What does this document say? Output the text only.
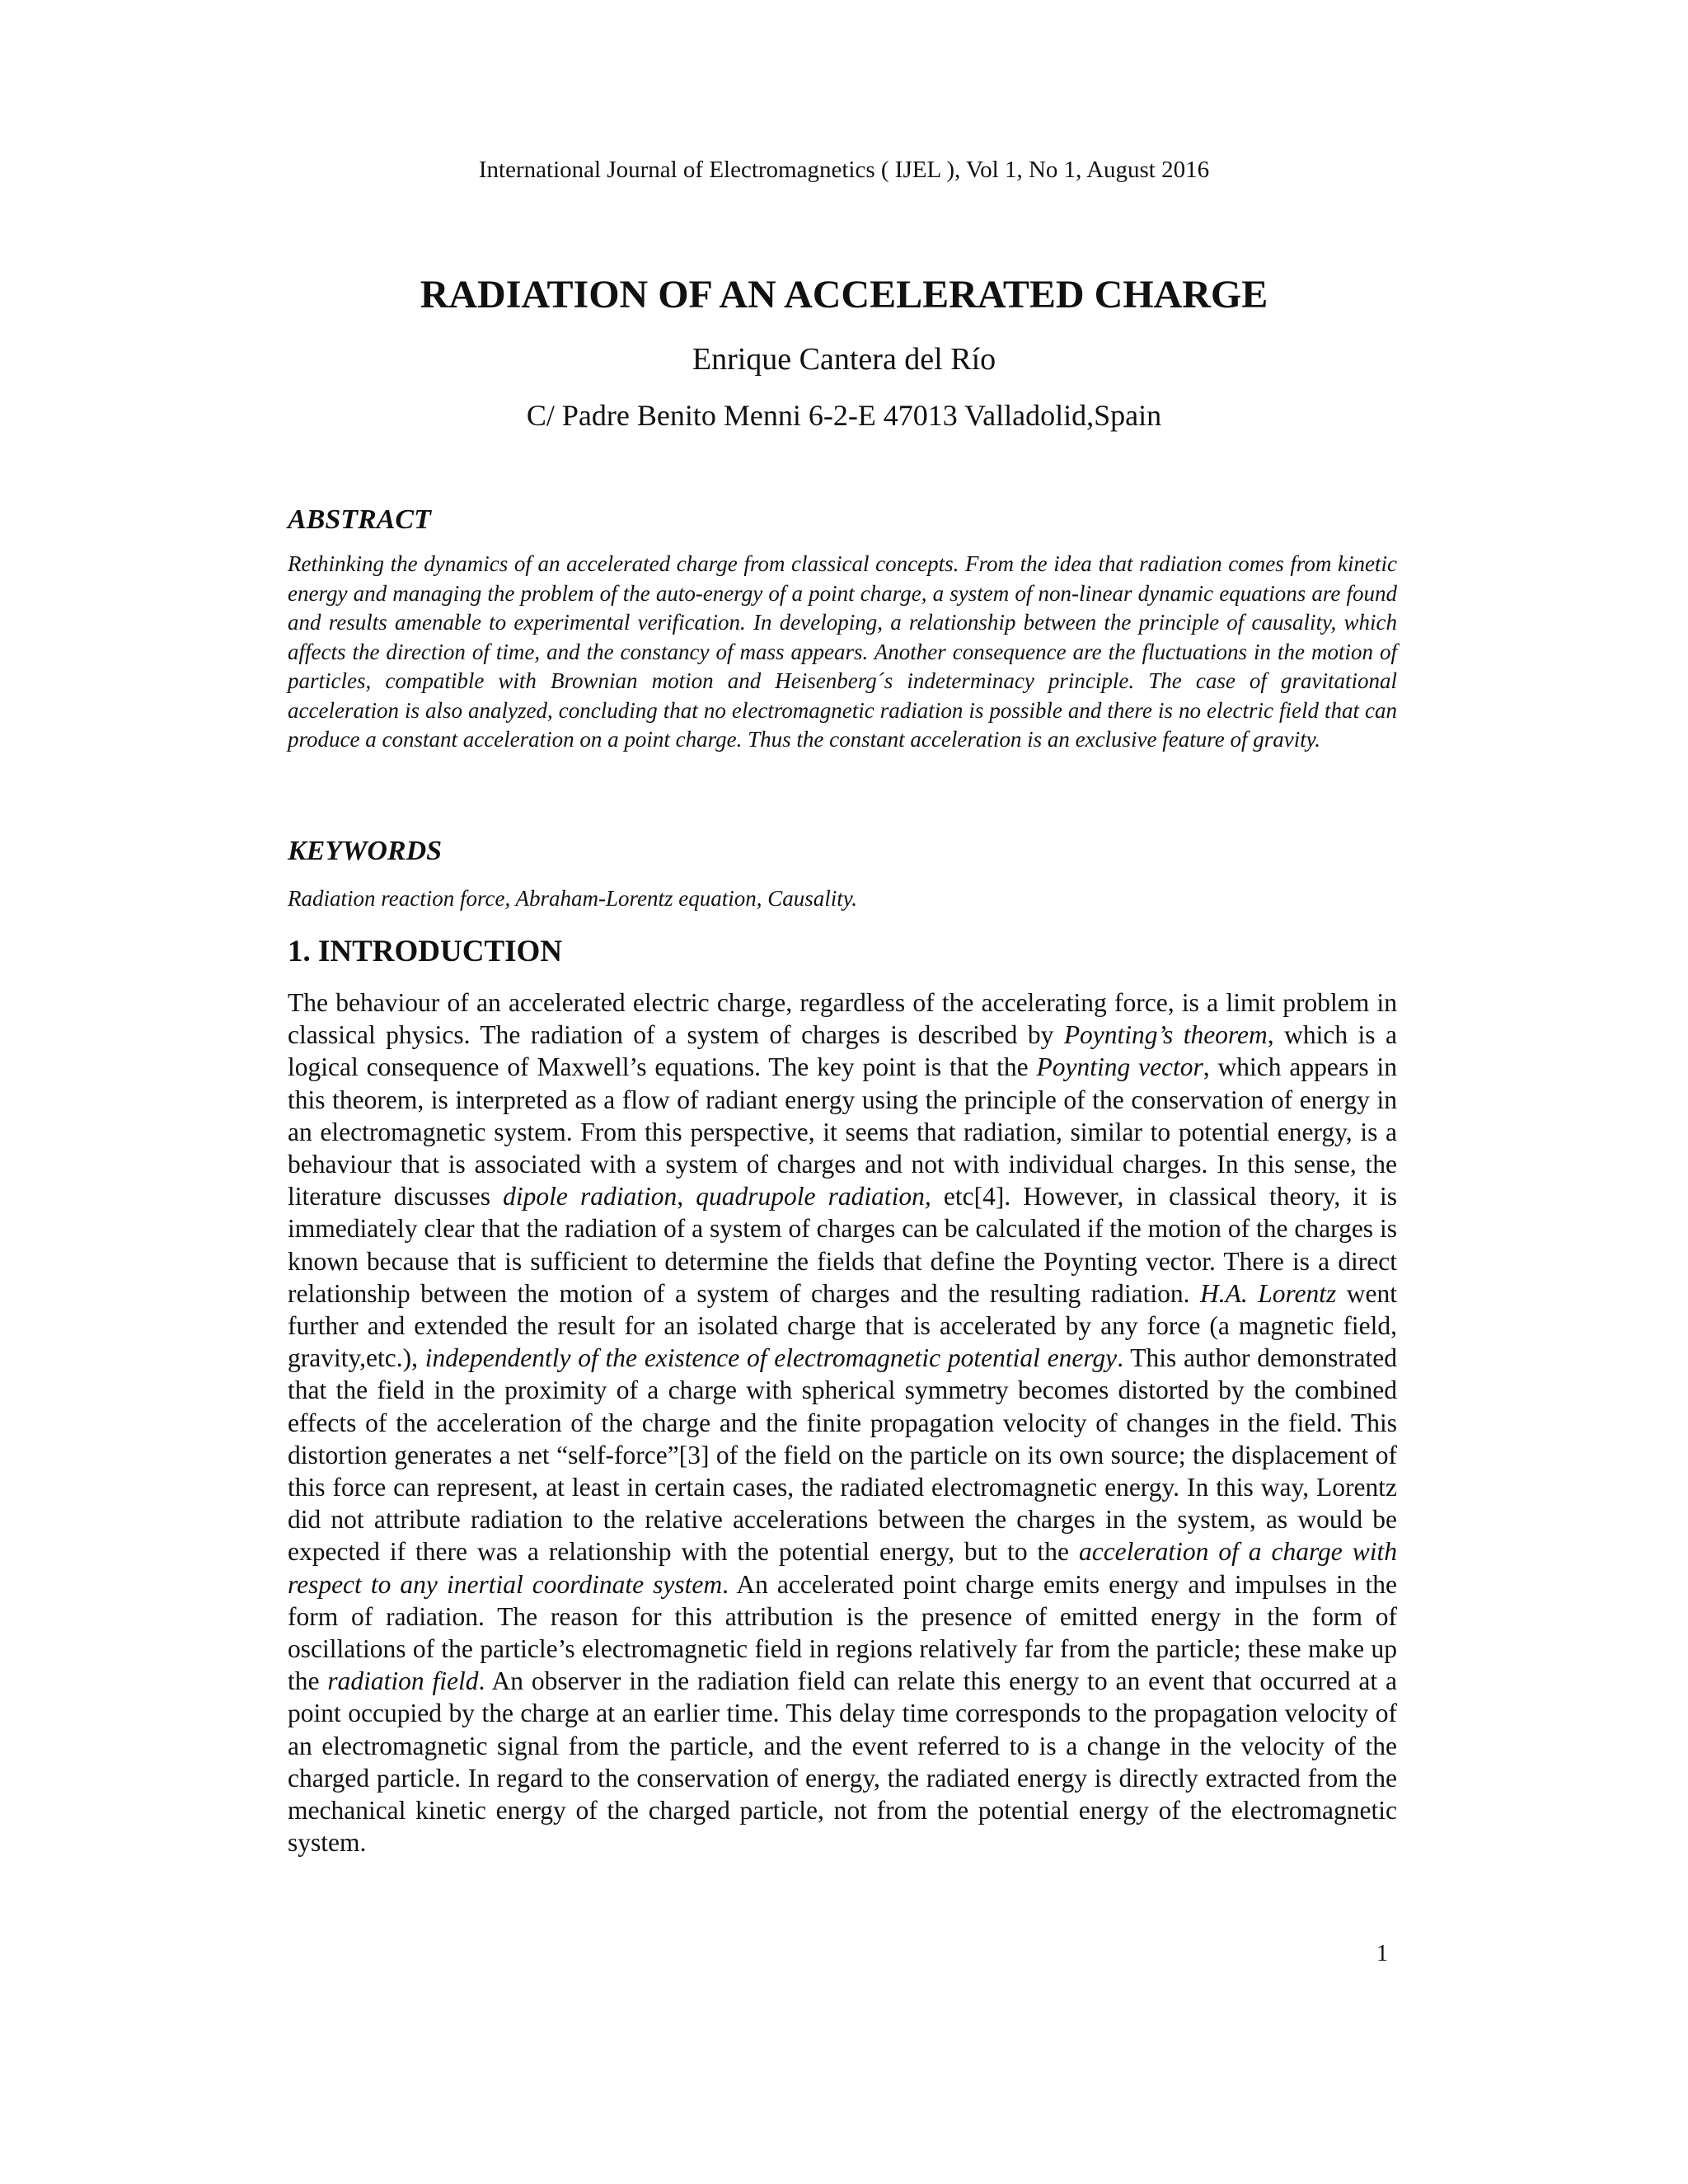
International Journal of Electromagnetics ( IJEL ), Vol 1, No 1, August 2016
RADIATION OF AN ACCELERATED CHARGE
Enrique Cantera del Río
C/ Padre Benito Menni 6-2-E 47013 Valladolid,Spain
ABSTRACT
Rethinking the dynamics of an accelerated charge from classical concepts. From the idea that radiation comes from kinetic energy and managing the problem of the auto-energy of a point charge, a system of non-linear dynamic equations are found and results amenable to experimental verification. In developing, a relationship between the principle of causality, which affects the direction of time, and the constancy of mass appears. Another consequence are the fluctuations in the motion of particles, compatible with Brownian motion and Heisenberg´s indeterminacy principle. The case of gravitational acceleration is also analyzed, concluding that no electromagnetic radiation is possible and there is no electric field that can produce a constant acceleration on a point charge. Thus the constant acceleration is an exclusive feature of gravity.
KEYWORDS
Radiation reaction force, Abraham-Lorentz equation, Causality.
1. INTRODUCTION
The behaviour of an accelerated electric charge, regardless of the accelerating force, is a limit problem in classical physics. The radiation of a system of charges is described by Poynting’s theorem, which is a logical consequence of Maxwell’s equations. The key point is that the Poynting vector, which appears in this theorem, is interpreted as a flow of radiant energy using the principle of the conservation of energy in an electromagnetic system. From this perspective, it seems that radiation, similar to potential energy, is a behaviour that is associated with a system of charges and not with individual charges. In this sense, the literature discusses dipole radiation, quadrupole radiation, etc[4]. However, in classical theory, it is immediately clear that the radiation of a system of charges can be calculated if the motion of the charges is known because that is sufficient to determine the fields that define the Poynting vector. There is a direct relationship between the motion of a system of charges and the resulting radiation. H.A. Lorentz went further and extended the result for an isolated charge that is accelerated by any force (a magnetic field, gravity,etc.), independently of the existence of electromagnetic potential energy. This author demonstrated that the field in the proximity of a charge with spherical symmetry becomes distorted by the combined effects of the acceleration of the charge and the finite propagation velocity of changes in the field. This distortion generates a net “self-force”[3] of the field on the particle on its own source; the displacement of this force can represent, at least in certain cases, the radiated electromagnetic energy. In this way, Lorentz did not attribute radiation to the relative accelerations between the charges in the system, as would be expected if there was a relationship with the potential energy, but to the acceleration of a charge with respect to any inertial coordinate system. An accelerated point charge emits energy and impulses in the form of radiation. The reason for this attribution is the presence of emitted energy in the form of oscillations of the particle’s electromagnetic field in regions relatively far from the particle; these make up the radiation field. An observer in the radiation field can relate this energy to an event that occurred at a point occupied by the charge at an earlier time. This delay time corresponds to the propagation velocity of an electromagnetic signal from the particle, and the event referred to is a change in the velocity of the charged particle. In regard to the conservation of energy, the radiated energy is directly extracted from the mechanical kinetic energy of the charged particle, not from the potential energy of the electromagnetic system.
1
